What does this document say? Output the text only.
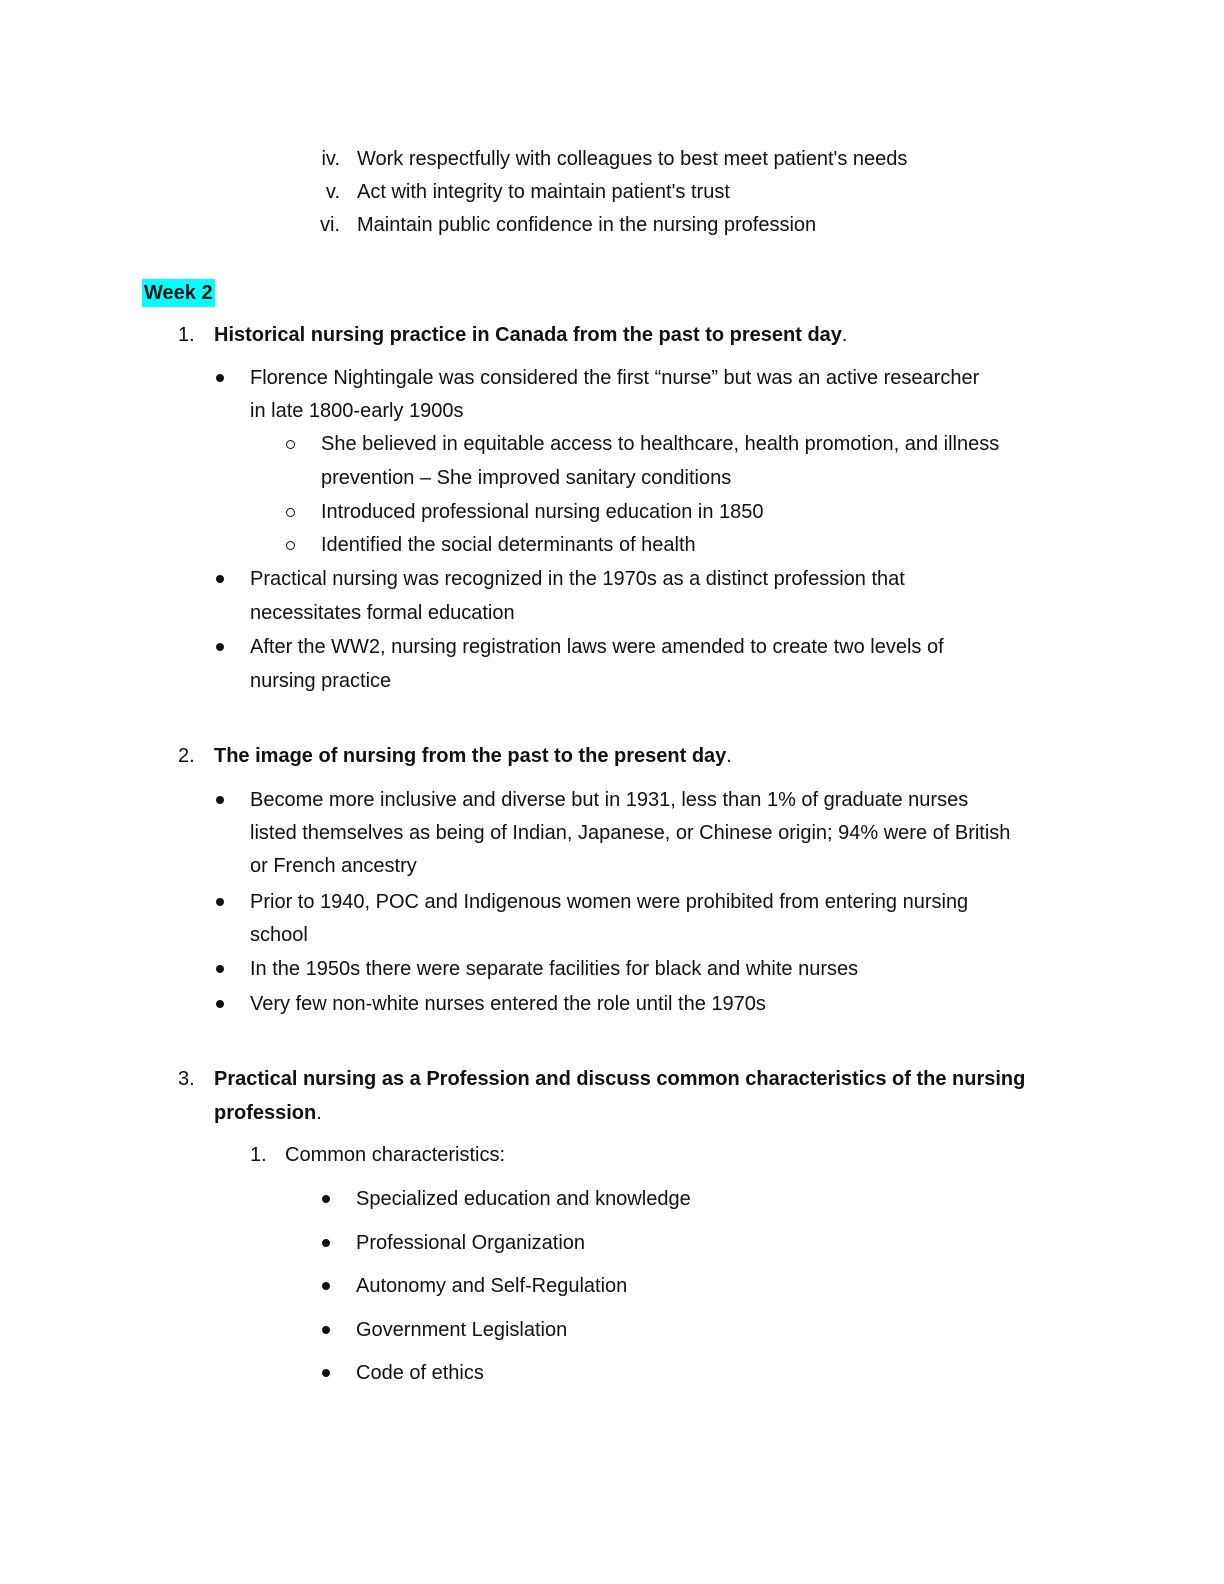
iv. Work respectfully with colleagues to best meet patient's needs
v. Act with integrity to maintain patient's trust
vi. Maintain public confidence in the nursing profession
Week 2
1. Historical nursing practice in Canada from the past to present day.
Florence Nightingale was considered the first “nurse” but was an active researcher
in late 1800-early 1900s
She believed in equitable access to healthcare, health promotion, and illness
prevention – She improved sanitary conditions
Introduced professional nursing education in 1850
Identified the social determinants of health
Practical nursing was recognized in the 1970s as a distinct profession that
necessitates formal education
After the WW2, nursing registration laws were amended to create two levels of
nursing practice
2. The image of nursing from the past to the present day.
Become more inclusive and diverse but in 1931, less than 1% of graduate nurses
listed themselves as being of Indian, Japanese, or Chinese origin; 94% were of British
or French ancestry
Prior to 1940, POC and Indigenous women were prohibited from entering nursing
school
In the 1950s there were separate facilities for black and white nurses
Very few non-white nurses entered the role until the 1970s
3. Practical nursing as a Profession and discuss common characteristics of the nursing
profession.
1. Common characteristics:
Specialized education and knowledge
Professional Organization
Autonomy and Self-Regulation
Government Legislation
Code of ethics
